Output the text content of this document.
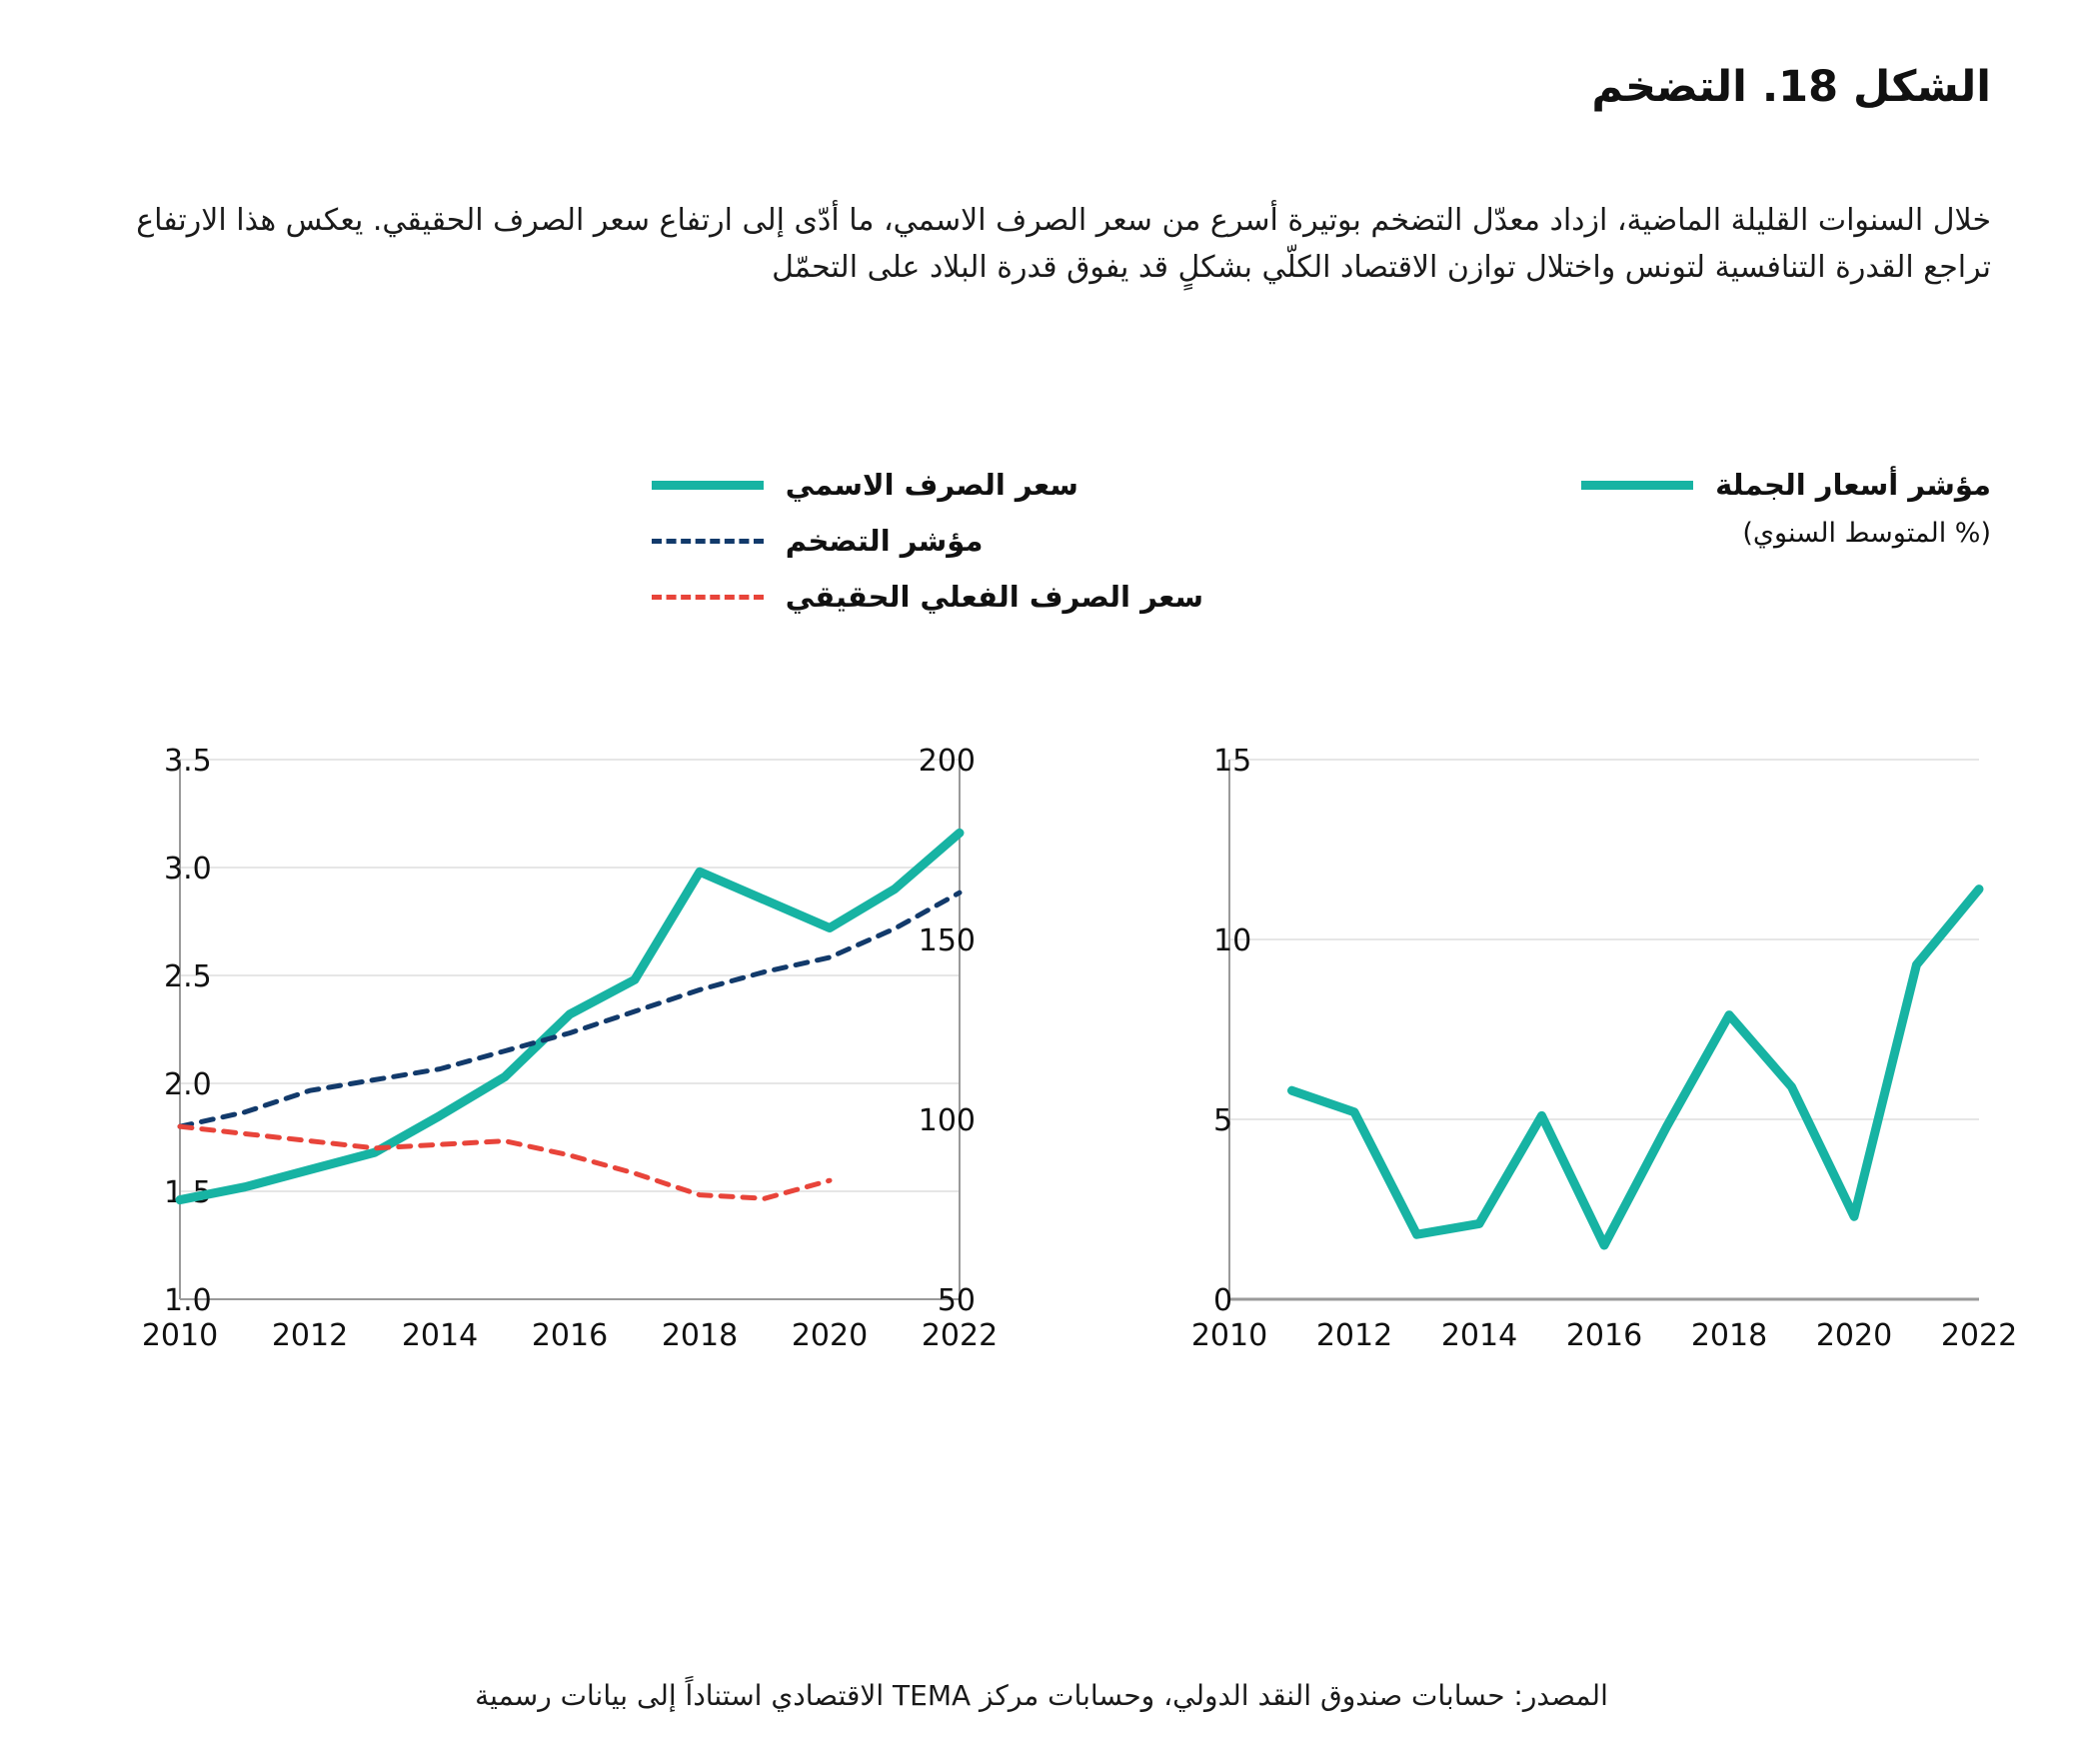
الشكل 18. التضخم
خلال السنوات القليلة الماضية، ازداد معدّل التضخم بوتيرة أسرع من سعر الصرف الاسمي، ما أدّى إلى ارتفاع سعر الصرف الحقيقي. يعكس هذا الارتفاع تراجع القدرة التنافسية لتونس واختلال توازن الاقتصاد الكلّي بشكلٍ قد يفوق قدرة البلاد على التحمّل
مؤشر أسعار الجملة
(% المتوسط السنوي)
سعر الصرف الاسمي
مؤشر التضخم
سعر الصرف الفعلي الحقيقي
1.0
1.5
2.0
2.5
3.0
3.5
50
100
150
200
2010 2012 2014 2016 2018 2020 2022
0
5
10
15
2010 2012 2014 2016 2018 2020 2022
المصدر: حسابات صندوق النقد الدولي، وحسابات مركز TEMA الاقتصادي استناداً إلى بيانات رسمية
